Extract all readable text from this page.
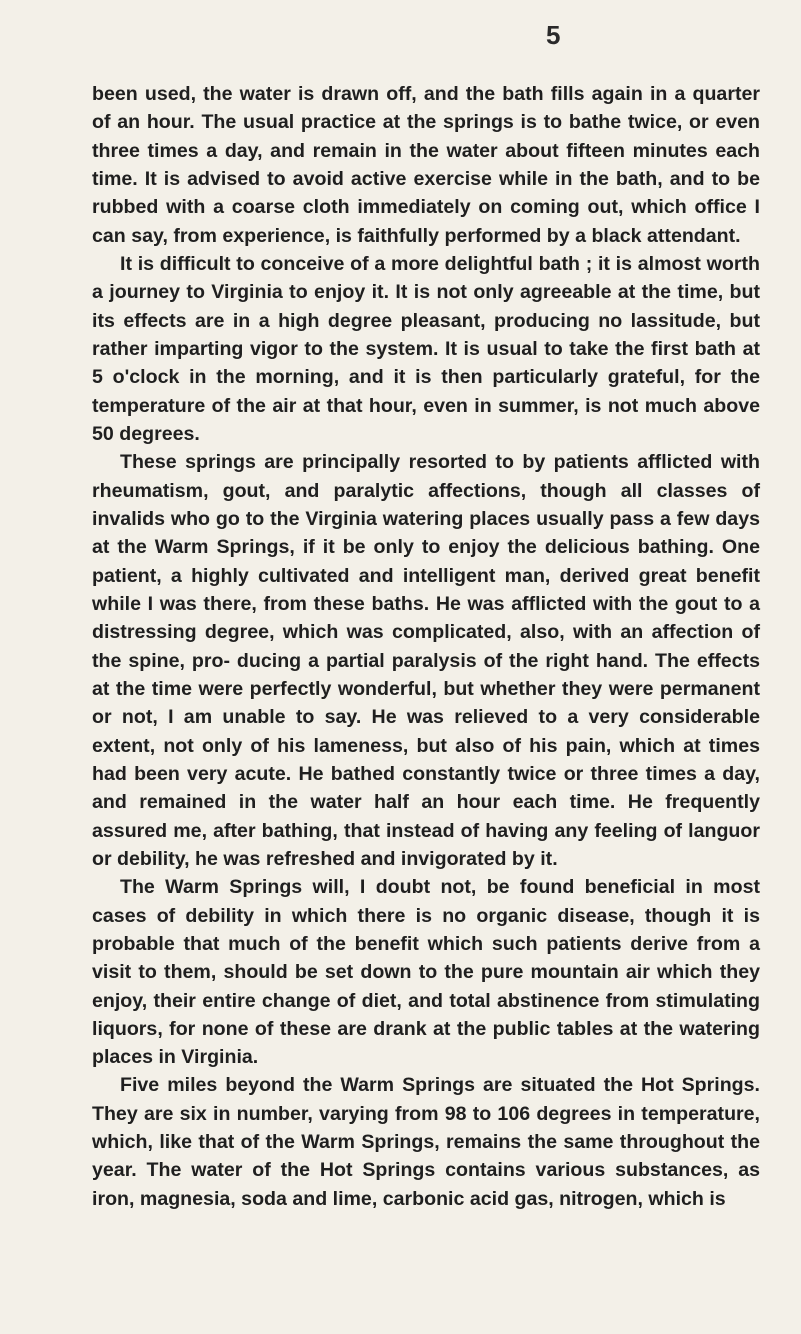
5

been used, the water is drawn off, and the bath fills again in a quarter of an hour. The usual practice at the springs is to bathe twice, or even three times a day, and remain in the water about fifteen minutes each time. It is advised to avoid active exercise while in the bath, and to be rubbed with a coarse cloth immediately on coming out, which office I can say, from experience, is faithfully performed by a black attendant.

It is difficult to conceive of a more delightful bath ; it is almost worth a journey to Virginia to enjoy it. It is not only agreeable at the time, but its effects are in a high degree pleasant, producing no lassitude, but rather imparting vigor to the system. It is usual to take the first bath at 5 o'clock in the morning, and it is then particularly grateful, for the temperature of the air at that hour, even in summer, is not much above 50 degrees.

These springs are principally resorted to by patients afflicted with rheumatism, gout, and paralytic affections, though all classes of invalids who go to the Virginia watering places usually pass a few days at the Warm Springs, if it be only to enjoy the delicious bathing. One patient, a highly cultivated and intelligent man, derived great benefit while I was there, from these baths. He was afflicted with the gout to a distressing degree, which was complicated, also, with an affection of the spine, pro- ducing a partial paralysis of the right hand. The effects at the time were perfectly wonderful, but whether they were permanent or not, I am unable to say. He was relieved to a very considerable extent, not only of his lameness, but also of his pain, which at times had been very acute. He bathed constantly twice or three times a day, and remained in the water half an hour each time. He frequently assured me, after bathing, that instead of having any feeling of languor or debility, he was refreshed and invigorated by it.

The Warm Springs will, I doubt not, be found beneficial in most cases of debility in which there is no organic disease, though it is probable that much of the benefit which such patients derive from a visit to them, should be set down to the pure mountain air which they enjoy, their entire change of diet, and total abstinence from stimulating liquors, for none of these are drank at the public tables at the watering places in Virginia.

Five miles beyond the Warm Springs are situated the Hot Springs. They are six in number, varying from 98 to 106 degrees in temperature, which, like that of the Warm Springs, remains the same throughout the year. The water of the Hot Springs contains various substances, as iron, magnesia, soda and lime, carbonic acid gas, nitrogen, which is
